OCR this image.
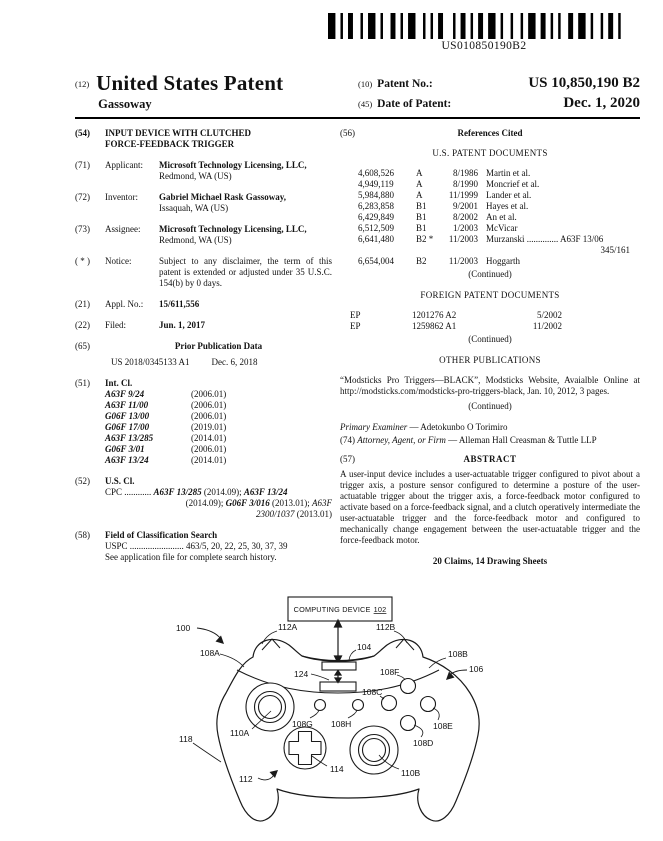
US010850190B2
(12) United States Patent
Gassoway
(10) Patent No.:	US 10,850,190 B2
(45) Date of Patent:	Dec. 1, 2020
(54)	INPUT DEVICE WITH CLUTCHED
FORCE-FEEDBACK TRIGGER
(71)	Applicant:	Microsoft Technology Licensing, LLC,
Redmond, WA (US)
(72)	Inventor:	Gabriel Michael Rask Gassoway,
Issaquah, WA (US)
(73)	Assignee:	Microsoft Technology Licensing, LLC,
Redmond, WA (US)
( * )	Notice:	Subject to any disclaimer, the term of this patent is extended or adjusted under 35 U.S.C. 154(b) by 0 days.
(21)	Appl. No.:	15/611,556
(22)	Filed:	Jun. 1, 2017
(65)	Prior Publication Data
US 2018/0345133 A1 Dec. 6, 2018
(51)	Int. Cl.
A63F 9/24	(2006.01)
A63F 11/00	(2006.01)
G06F 13/00	(2006.01)
G06F 17/00	(2019.01)
A63F 13/285	(2014.01)
G06F 3/01	(2006.01)
A63F 13/24	(2014.01)
(52)	U.S. Cl.
CPC ............ A63F 13/285 (2014.09); A63F 13/24
(2014.09); G06F 3/016 (2013.01); A63F
2300/1037 (2013.01)
(58)	Field of Classification Search
USPC ........................ 463/5, 20, 22, 25, 30, 37, 39
See application file for complete search history.
(56)	References Cited
U.S. PATENT DOCUMENTS
4,608,526	A	8/1986 Martin et al.
4,949,119	A	8/1990 Moncrief et al.
5,984,880	A	11/1999 Lander et al.
6,283,858	B1	9/2001 Hayes et al.
6,429,849	B1	8/2002 An et al.
6,512,509	B1	1/2003 McVicar
6,641,480	B2 *	11/2003 Murzanski .............. A63F 13/06
345/161
6,654,004	B2	11/2003 Hoggarth
(Continued)
FOREIGN PATENT DOCUMENTS
EP	1201276 A2	5/2002
EP	1259862 A1	11/2002
(Continued)
OTHER PUBLICATIONS
“Modsticks Pro Triggers—BLACK”, Modsticks Website, Avaialble Online at http://modsticks.com/modsticks-pro-triggers-black, Jan. 10, 2012, 3 pages.
(Continued)
Primary Examiner — Adetokunbo O Torimiro
(74) Attorney, Agent, or Firm — Alleman Hall Creasman & Tuttle LLP
(57)	ABSTRACT
A user-input device includes a user-actuatable trigger configured to pivot about a trigger axis, a posture sensor configured to determine a posture of the user-actuatable trigger about the trigger axis, a force-feedback motor configured to activate based on a force-feedback signal, and a clutch operatively intermediate the user-actuatable trigger and the force-feedback motor and configured to mechanically change engagement between the user-actuatable trigger and the force-feedback motor.
20 Claims, 14 Drawing Sheets
COMPUTING DEVICE 102
100	112A	112B
108A
104
108B
106
124	108F
108C
108E
108D
108G 108H
110A
110B
114
112
118
